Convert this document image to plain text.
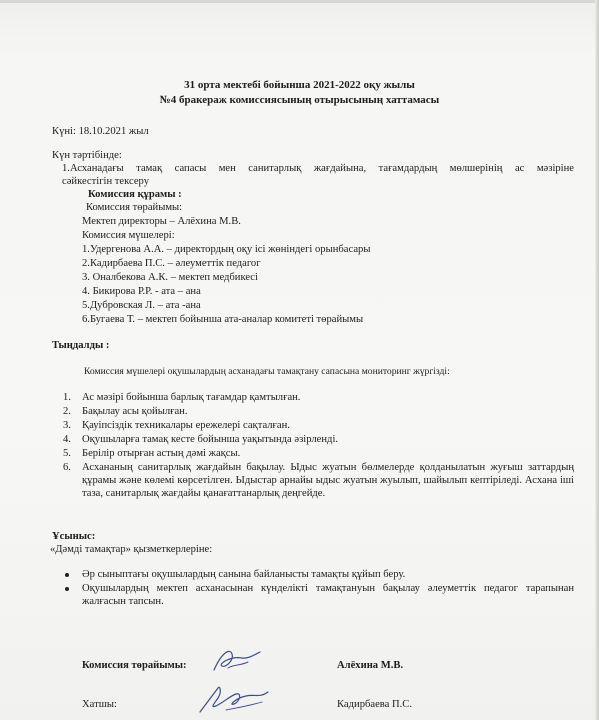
31 орта мектебі бойынша 2021-2022 оқу жылы
№4 бракераж комиссиясының отырысының хаттамасы
Күні: 18.10.2021 жыл
Күн тәртібінде:
1.Асханадағы тамақ сапасы мен санитарлық жағдайына, тағамдардың мөлшерінің ас мәзіріне
сәйкестігін тексеру
Комиссия құрамы :
Комиссия төрайымы:
Мектеп директоры – Алёхина М.В.
Комиссия мүшелері:
1.Удергенова А.А. – директордың оқу ісі жөніндегі орынбасары
2.Кадирбаева П.С. – әлеуметтік педагог
3. Оналбекова А.К. – мектеп медбикесі
4. Бикирова Р.Р. - ата – ана
5.Дубровская Л. – ата -ана
6.Бугаева Т. – мектеп бойынша ата-аналар комитеті төрайымы
Тыңдалды :
Комиссия мүшелері оқушылардың асханадағы тамақтану сапасына мониторинг жүргізді:
1. Ас мәзірі бойынша барлық тағамдар қамтылған.
2. Бақылау асы қойылған.
3. Қауіпсіздік техникалары ережелері сақталған.
4. Оқушыларға тамақ кесте бойынша уақытында әзірленді.
5. Берілір отырған астың дәмі жақсы.
6. Асхананың санитарлық жағдайын бақылау. Ыдыс жуатын бөлмелерде қолданылатын жуғыш заттардың құрамы және көлемі көрсетілген. Ыдыстар арнайы ыдыс жуатын жуылып, шайылып кептіріледі. Асхана іші таза, санитарлық жағдайы қанағаттанарлық деңгейде.
Ұсыныс:
«Дәмді тамақтар» қызметкерлеріне:
Әр сыныптағы оқушылардың санына байланысты тамақты құйып беру.
Оқушылардың мектеп асханасынан күнделікті тамақтануын бақылау әлеуметтік педагог тарапынан жалғасын тапсын.
Комиссия төрайымы:	Алёхина М.В.
Хатшы:	Кадирбаева П.С.
